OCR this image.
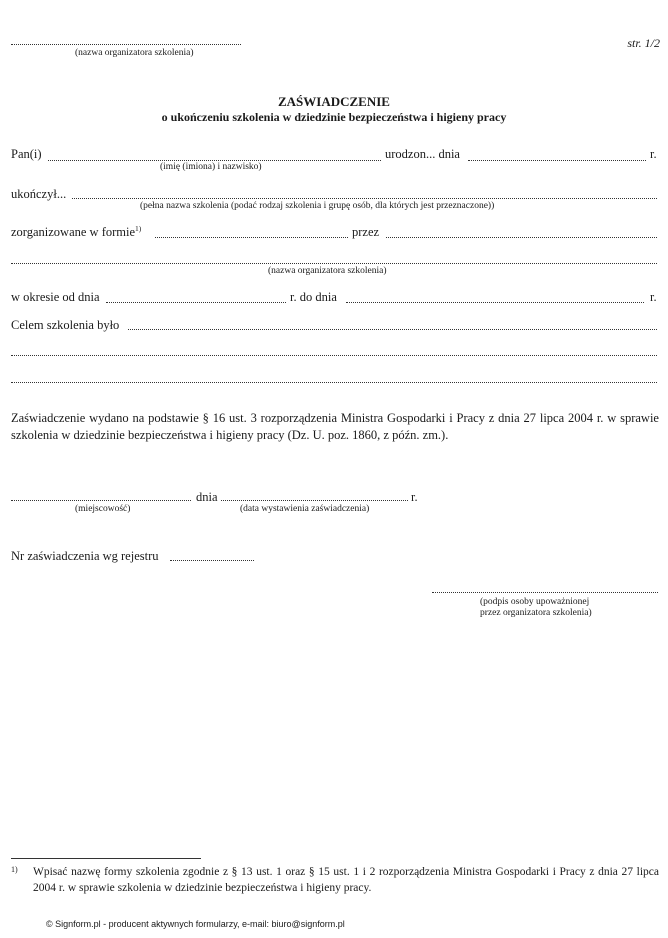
(nazwa organizatora szkolenia)
str. 1/2
ZAŚWIADCZENIE
o ukończeniu szkolenia w dziedzinie bezpieczeństwa i higieny pracy
Pan(i)	urodzon... dnia	r.
(imię (imiona) i nazwisko)
ukończył...
(pełna nazwa szkolenia (podać rodzaj szkolenia i grupę osób, dla których jest przeznaczone))
zorganizowane w formie$^{1)}$	przez
(nazwa organizatora szkolenia)
w okresie od dnia	r. do dnia	r.
Celem szkolenia było
Zaświadczenie wydano na podstawie § 16 ust. 3 rozporządzenia Ministra Gospodarki i Pracy z dnia 27 lipca 2004 r. w sprawie szkolenia w dziedzinie bezpieczeństwa i higieny pracy (Dz. U. poz. 1860, z późn. zm.).
dnia	r.
(miejscowość)	(data wystawienia zaświadczenia)
Nr zaświadczenia wg rejestru
(podpis osoby upoważnionej
przez organizatora szkolenia)
1) Wpisać nazwę formy szkolenia zgodnie z § 13 ust. 1 oraz § 15 ust. 1 i 2 rozporządzenia Ministra Gospodarki i Pracy z dnia 27 lipca 2004 r. w sprawie szkolenia w dziedzinie bezpieczeństwa i higieny pracy.
© Signform.pl - producent aktywnych formularzy, e-mail: biuro@signform.pl
